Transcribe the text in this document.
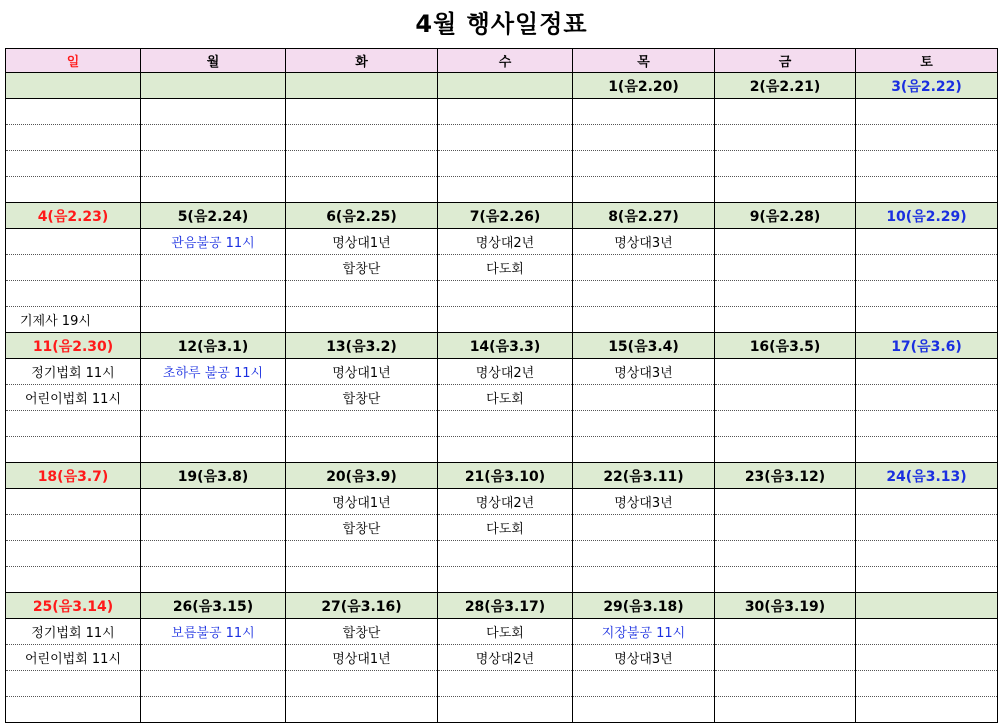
4월 행사일정표
일	월	화	수	목	금	토
				1(음2.20)	2(음2.21)	3(음2.22)

4(음2.23)	5(음2.24)	6(음2.25)	7(음2.26)	8(음2.27)	9(음2.28)	10(음2.29)
	관음불공 11시	명상대1년	명상대2년	명상대3년		
		합창단	다도회			

기제사 19시						
11(음2.30)	12(음3.1)	13(음3.2)	14(음3.3)	15(음3.4)	16(음3.5)	17(음3.6)
정기법회 11시	초하루 불공 11시	명상대1년	명상대2년	명상대3년		
어린이법회 11시		합창단	다도회			

18(음3.7)	19(음3.8)	20(음3.9)	21(음3.10)	22(음3.11)	23(음3.12)	24(음3.13)
		명상대1년	명상대2년	명상대3년		
		합창단	다도회			

25(음3.14)	26(음3.15)	27(음3.16)	28(음3.17)	29(음3.18)	30(음3.19)	
정기법회 11시	보름불공 11시	합창단	다도회	지장불공 11시		
어린이법회 11시		명상대1년	명상대2년	명상대3년		
